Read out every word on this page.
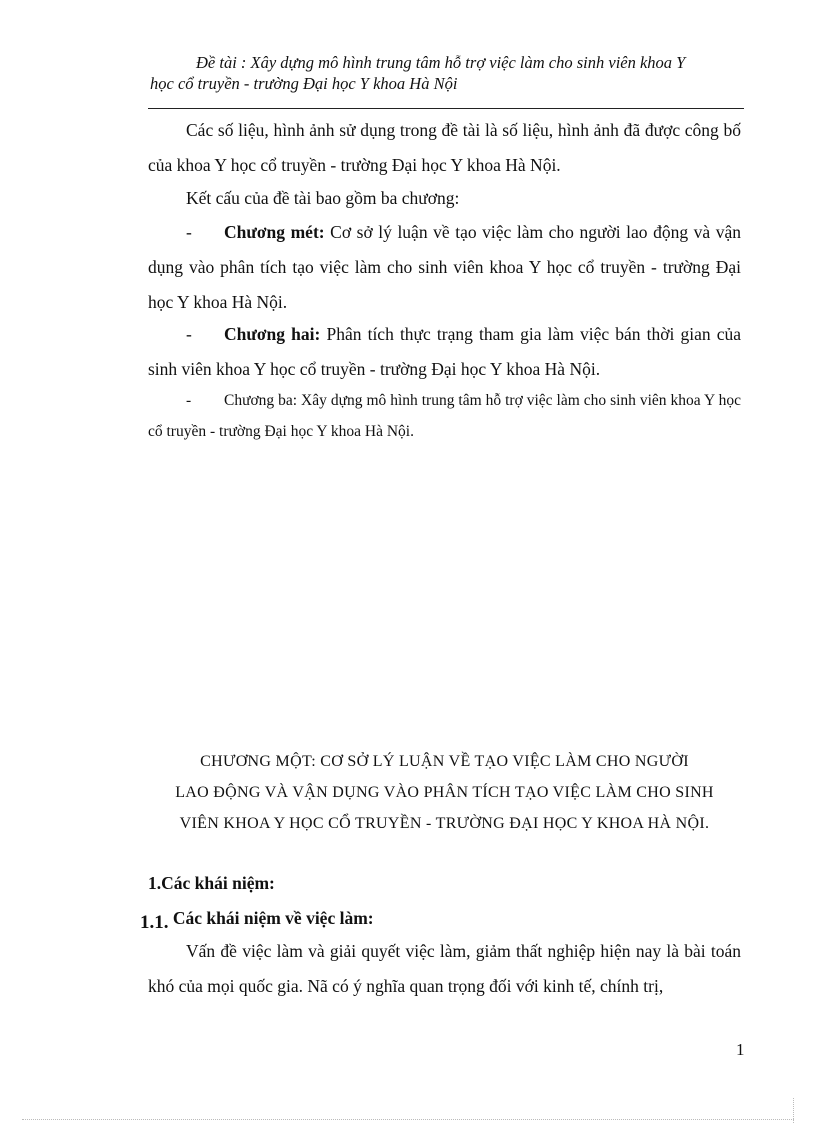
Đề tài : Xây dựng mô hình trung tâm hỗ trợ việc làm cho sinh viên khoa Y
học cổ truyền - trường Đại học Y khoa Hà Nội
Các số liệu, hình ảnh sử dụng trong đề tài là số liệu, hình ảnh đã được công bố của khoa Y học cổ truyền - trường Đại học Y khoa Hà Nội.
Kết cấu của đề tài bao gồm ba chương:
- Chương mét: Cơ sở lý luận về tạo việc làm cho người lao động và vận dụng vào phân tích tạo việc làm cho sinh viên khoa Y học cổ truyền - trường Đại học Y khoa Hà Nội.
- Chương hai: Phân tích thực trạng tham gia làm việc bán thời gian của sinh viên khoa Y học cổ truyền - trường Đại học Y khoa Hà Nội.
- Chương ba: Xây dựng mô hình trung tâm hỗ trợ việc làm cho sinh viên khoa Y học cổ truyền - trường Đại học Y khoa Hà Nội.
CHƯƠNG MỘT: CƠ SỞ LÝ LUẬN VỀ TẠO VIỆC LÀM CHO NGƯỜI
LAO ĐỘNG VÀ VẬN DỤNG VÀO PHÂN TÍCH TẠO VIỆC LÀM CHO SINH
VIÊN KHOA Y HỌC CỔ TRUYỀN - TRƯỜNG ĐẠI HỌC Y KHOA HÀ NỘI.
1.Các khái niệm:
1.1. Các khái niệm về việc làm:
Vấn đề việc làm và giải quyết việc làm, giảm thất nghiệp hiện nay là bài toán khó của mọi quốc gia. Nã có ý nghĩa quan trọng đối với kinh tế, chính trị,
1
